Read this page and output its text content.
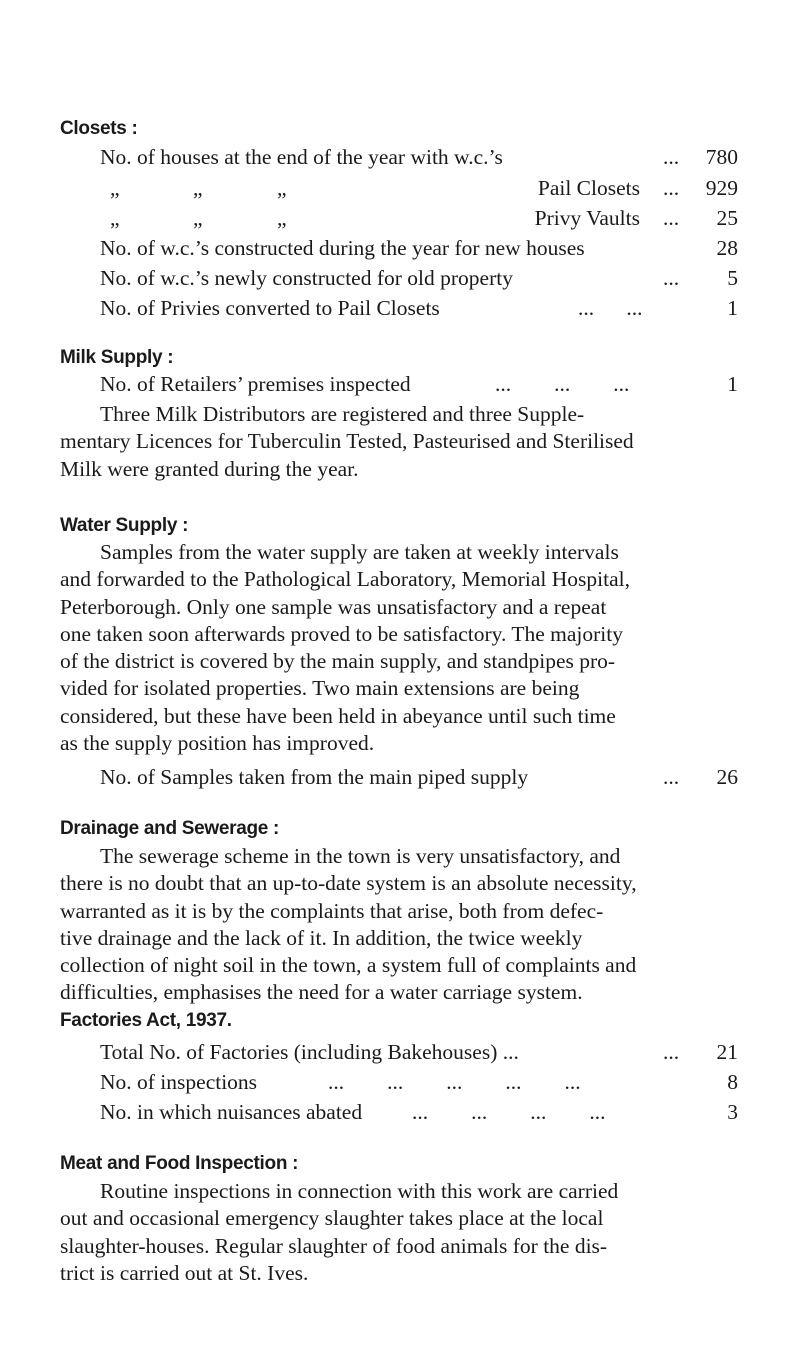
Closets :
No. of houses at the end of the year with w.c.’s	... 780
„	„	„	Pail Closets ... 929
„	„	„	Privy Vaults ... 25
No. of w.c.’s constructed during the year for new houses	28
No. of w.c.’s newly constructed for old property	... 5
No. of Privies converted to Pail Closets	...      ...	1
Milk Supply :
No. of Retailers’ premises inspected	...        ...        ...	1

Three Milk Distributors are registered and three Supple-
mentary Licences for Tuberculin Tested, Pasteurised and Sterilised
Milk were granted during the year.

Water Supply :

Samples from the water supply are taken at weekly intervals
and forwarded to the Pathological Laboratory, Memorial Hospital,
Peterborough. Only one sample was unsatisfactory and a repeat
one taken soon afterwards proved to be satisfactory. The majority
of the district is covered by the main supply, and standpipes pro-
vided for isolated properties. Two main extensions are being
considered, but these have been held in abeyance until such time
as the supply position has improved.

No. of Samples taken from the main piped supply	... 26
Drainage and Sewerage :

The sewerage scheme in the town is very unsatisfactory, and
there is no doubt that an up-to-date system is an absolute necessity,
warranted as it is by the complaints that arise, both from defec-
tive drainage and the lack of it. In addition, the twice weekly
collection of night soil in the town, a system full of complaints and
difficulties, emphasises the need for a water carriage system.

Factories Act, 1937.
Total No. of Factories (including Bakehouses) ...	... 21
No. of inspections	...        ...        ...        ...        ...	8
No. in which nuisances abated ...        ...        ...        ...	3
Meat and Food Inspection :

Routine inspections in connection with this work are carried
out and occasional emergency slaughter takes place at the local
slaughter-houses. Regular slaughter of food animals for the dis-
trict is carried out at St. Ives.
